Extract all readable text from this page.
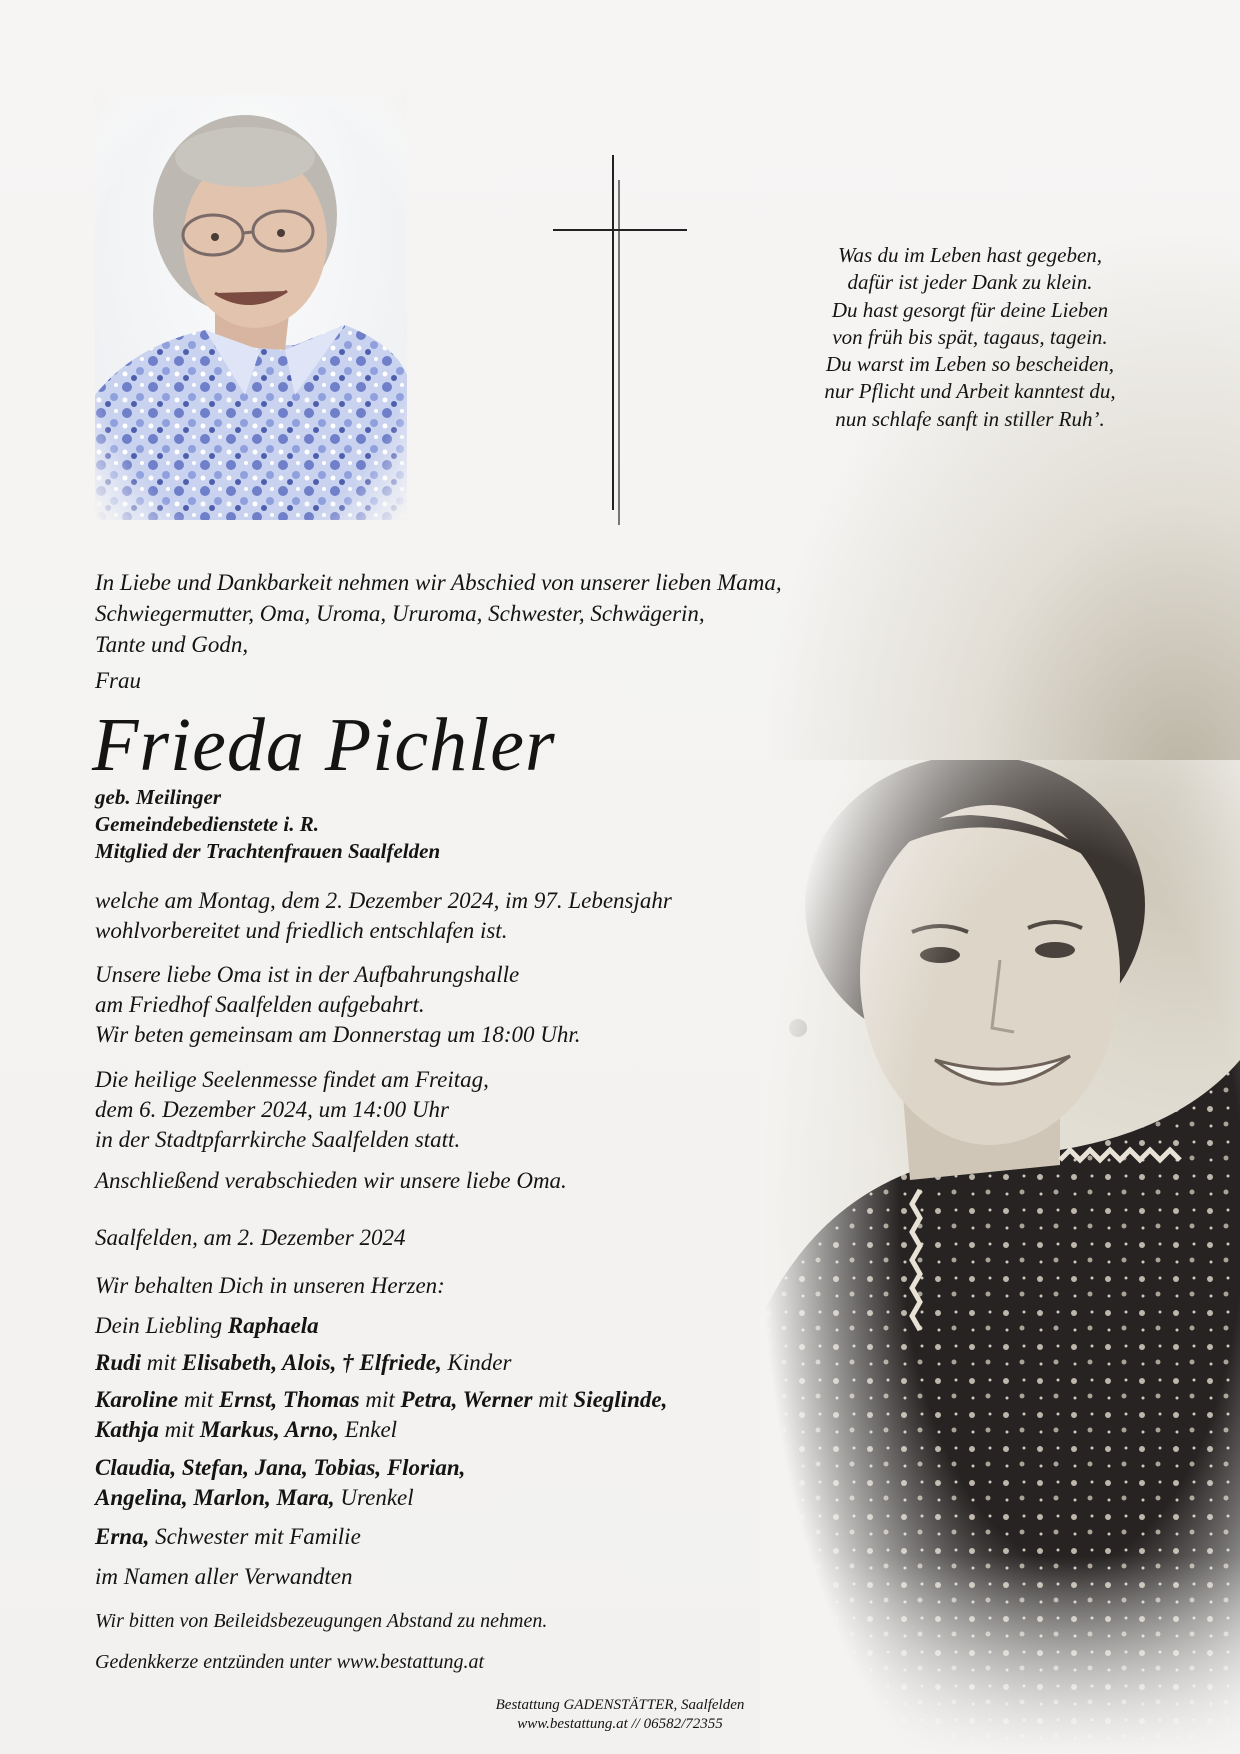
Was du im Leben hast gegeben,
dafür ist jeder Dank zu klein.
Du hast gesorgt für deine Lieben
von früh bis spät, tagaus, tagein.
Du warst im Leben so bescheiden,
nur Pflicht und Arbeit kanntest du,
nun schlafe sanft in stiller Ruh’.
In Liebe und Dankbarkeit nehmen wir Abschied von unserer lieben Mama,
Schwiegermutter, Oma, Uroma, Ururoma, Schwester, Schwägerin,
Tante und Godn,
Frau
Frieda Pichler
geb. Meilinger
Gemeindebedienstete i. R.
Mitglied der Trachtenfrauen Saalfelden
welche am Montag, dem 2. Dezember 2024, im 97. Lebensjahr
wohlvorbereitet und friedlich entschlafen ist.
Unsere liebe Oma ist in der Aufbahrungshalle
am Friedhof Saalfelden aufgebahrt.
Wir beten gemeinsam am Donnerstag um 18:00 Uhr.
Die heilige Seelenmesse findet am Freitag,
dem 6. Dezember 2024, um 14:00 Uhr
in der Stadtpfarrkirche Saalfelden statt.
Anschließend verabschieden wir unsere liebe Oma.
Saalfelden, am 2. Dezember 2024
Wir behalten Dich in unseren Herzen:
Dein Liebling Raphaela
Rudi mit Elisabeth, Alois, † Elfriede, Kinder
Karoline mit Ernst, Thomas mit Petra, Werner mit Sieglinde,
Kathja mit Markus, Arno, Enkel
Claudia, Stefan, Jana, Tobias, Florian,
Angelina, Marlon, Mara, Urenkel
Erna, Schwester mit Familie
im Namen aller Verwandten
Wir bitten von Beileidsbezeugungen Abstand zu nehmen.
Gedenkkerze entzünden unter www.bestattung.at
Bestattung GADENSTÄTTER, Saalfelden
www.bestattung.at // 06582/72355
